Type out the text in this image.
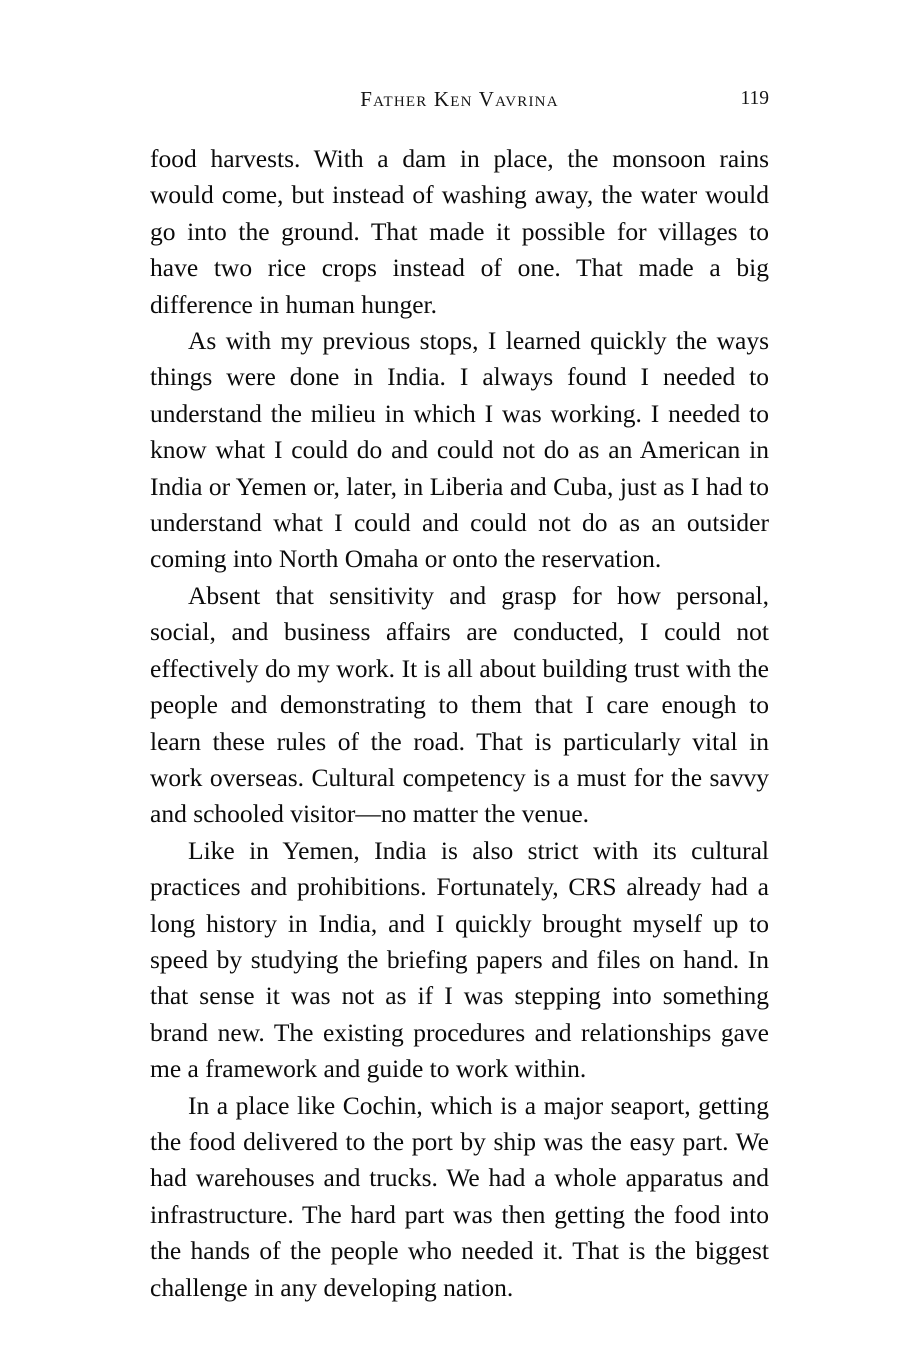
Father Ken Vavrina	119

food harvests. With a dam in place, the monsoon rains would come, but instead of washing away, the water would go into the ground. That made it possible for villages to have two rice crops instead of one. That made a big difference in human hunger.

As with my previous stops, I learned quickly the ways things were done in India. I always found I needed to understand the milieu in which I was working. I needed to know what I could do and could not do as an American in India or Yemen or, later, in Liberia and Cuba, just as I had to understand what I could and could not do as an outsider coming into North Omaha or onto the reservation.

Absent that sensitivity and grasp for how personal, social, and business affairs are conducted, I could not effectively do my work. It is all about building trust with the people and demonstrating to them that I care enough to learn these rules of the road. That is particularly vital in work overseas. Cultural competency is a must for the savvy and schooled visitor—no matter the venue.

Like in Yemen, India is also strict with its cultural practices and prohibitions. Fortunately, CRS already had a long history in India, and I quickly brought myself up to speed by studying the briefing papers and files on hand. In that sense it was not as if I was stepping into something brand new. The existing procedures and relationships gave me a framework and guide to work within.

In a place like Cochin, which is a major seaport, getting the food delivered to the port by ship was the easy part. We had warehouses and trucks. We had a whole apparatus and infrastructure. The hard part was then getting the food into the hands of the people who needed it. That is the biggest challenge in any developing nation.
